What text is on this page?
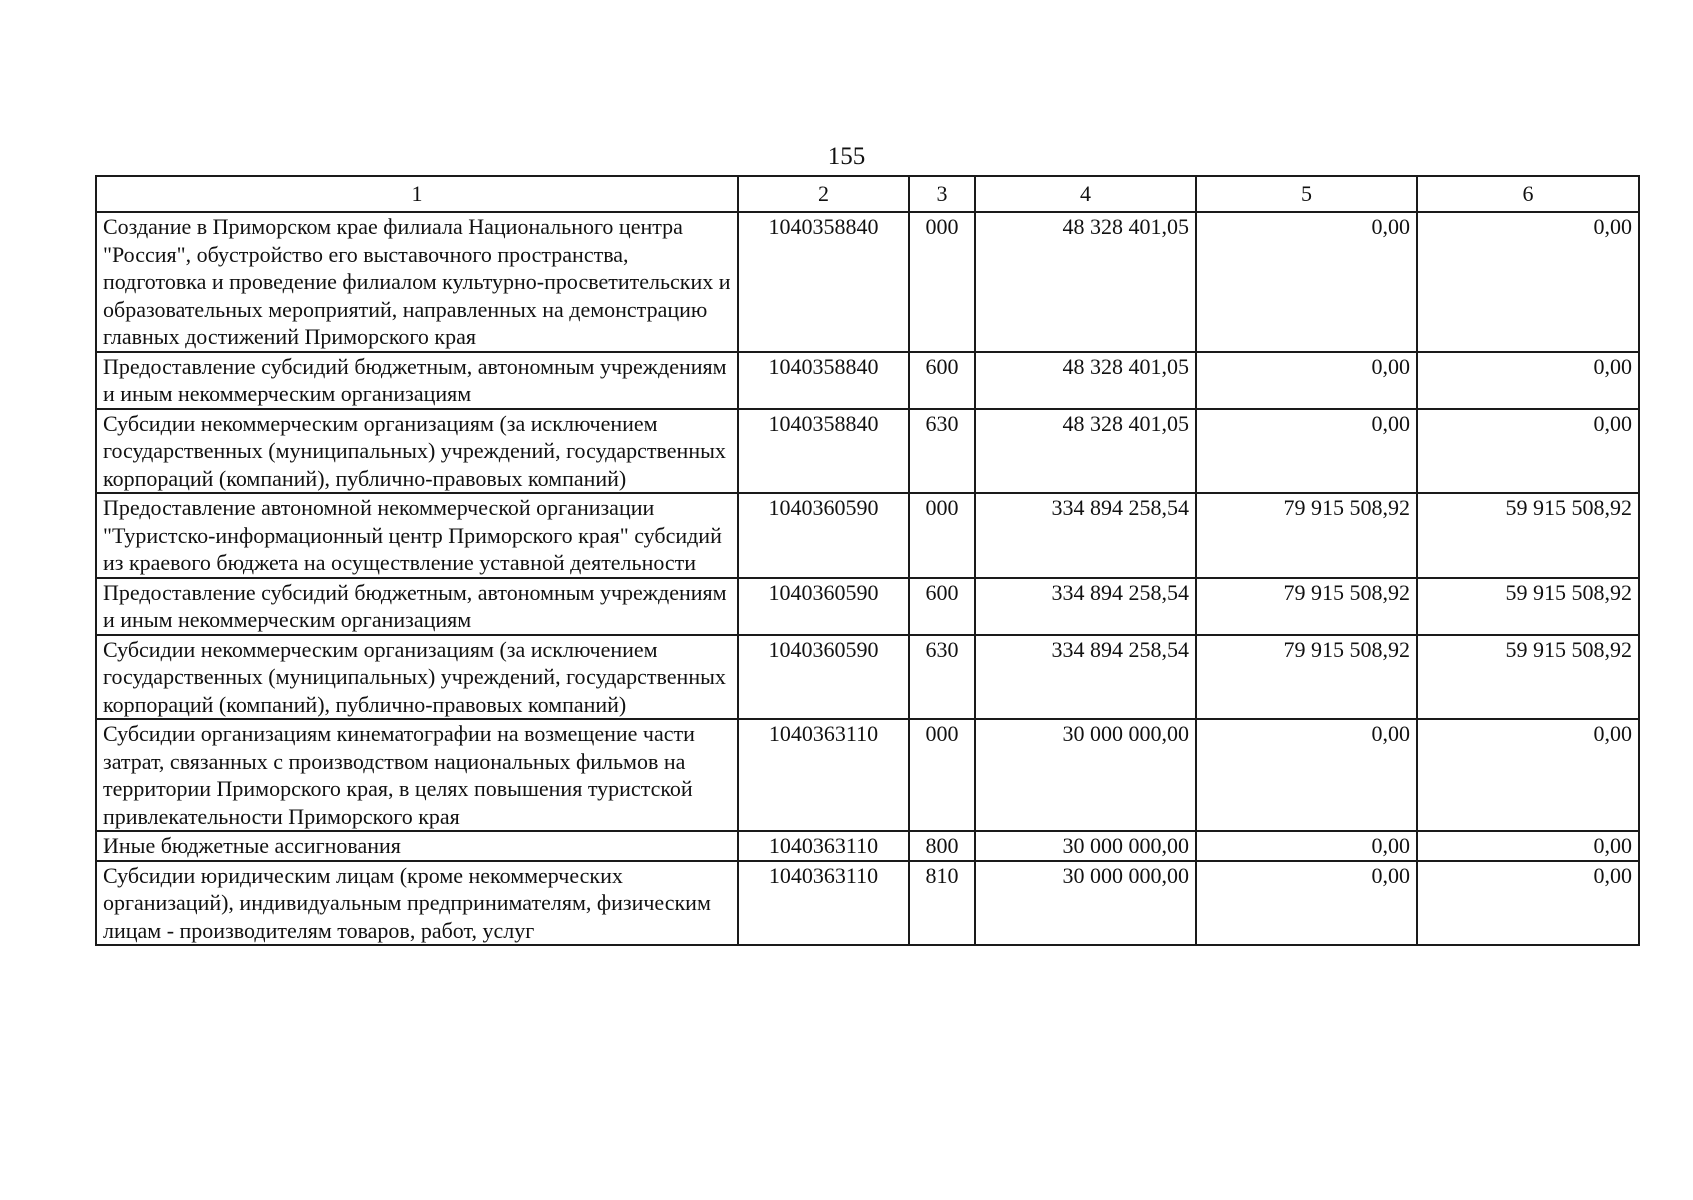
155
1	2	3	4	5	6
Создание в Приморском крае филиала Национального центра "Россия", обустройство его выставочного пространства, подготовка и проведение филиалом культурно-просветительских и образовательных мероприятий, направленных на демонстрацию главных достижений Приморского края	1040358840	000	48 328 401,05	0,00	0,00
Предоставление субсидий бюджетным, автономным учреждениям и иным некоммерческим организациям	1040358840	600	48 328 401,05	0,00	0,00
Субсидии некоммерческим организациям (за исключением государственных (муниципальных) учреждений, государственных корпораций (компаний), публично-правовых компаний)	1040358840	630	48 328 401,05	0,00	0,00
Предоставление автономной некоммерческой организации "Туристско-информационный центр Приморского края" субсидий из краевого бюджета на осуществление уставной деятельности	1040360590	000	334 894 258,54	79 915 508,92	59 915 508,92
Предоставление субсидий бюджетным, автономным учреждениям и иным некоммерческим организациям	1040360590	600	334 894 258,54	79 915 508,92	59 915 508,92
Субсидии некоммерческим организациям (за исключением государственных (муниципальных) учреждений, государственных корпораций (компаний), публично-правовых компаний)	1040360590	630	334 894 258,54	79 915 508,92	59 915 508,92
Субсидии организациям кинематографии на возмещение части затрат, связанных с производством национальных фильмов на территории Приморского края, в целях повышения туристской привлекательности Приморского края	1040363110	000	30 000 000,00	0,00	0,00
Иные бюджетные ассигнования	1040363110	800	30 000 000,00	0,00	0,00
Субсидии юридическим лицам (кроме некоммерческих организаций), индивидуальным предпринимателям, физическим лицам - производителям товаров, работ, услуг	1040363110	810	30 000 000,00	0,00	0,00
